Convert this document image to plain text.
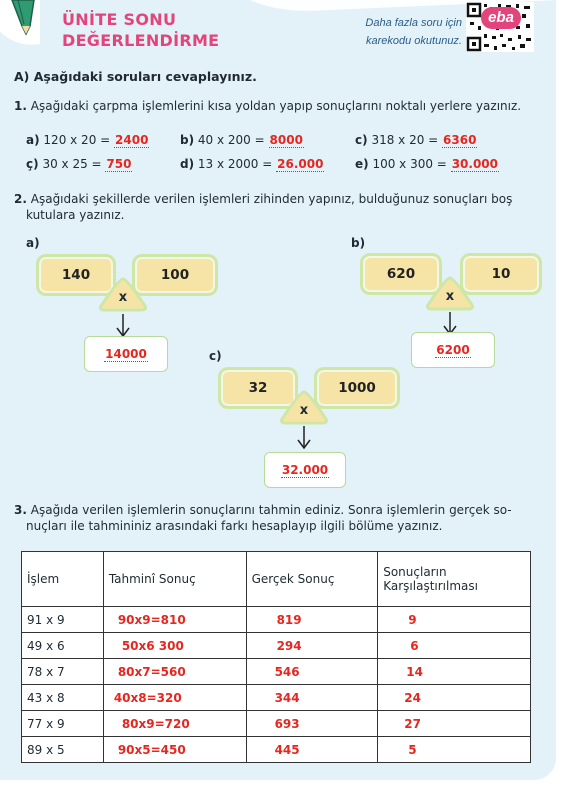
ÜNİTE SONU
DEĞERLENDİRME
Daha fazla soru için
karekodu okutunuz.
eba
A) Aşağıdaki soruları cevaplayınız.
1. Aşağıdaki çarpma işlemlerini kısa yoldan yapıp sonuçlarını noktalı yerlere yazınız.
a) 120 x 20 = 2400	b) 40 x 200 = 8000	c) 318 x 20 = 6360
ç) 30 x 25 = 750	d) 13 x 2000 = 26.000	e) 100 x 300 = 30.000
2. Aşağıdaki şekillerde verilen işlemleri zihinden yapınız, bulduğunuz sonuçları boş
kutulara yazınız.
a)
140	100
x
14000
b)
620	10
x
6200
c)
32	1000
x
32.000
3. Aşağıda verilen işlemlerin sonuçlarını tahmin ediniz. Sonra işlemlerin gerçek so-
nuçları ile tahmininiz arasındaki farkı hesaplayıp ilgili bölüme yazınız.
İşlem	Tahminî Sonuç	Gerçek Sonuç	Sonuçların Karşılaştırılması
91 x 9	90x9=810	819	9
49 x 6	50x6 300	294	6
78 x 7	80x7=560	546	14
43 x 8	40x8=320	344	24
77 x 9	80x9=720	693	27
89 x 5	90x5=450	445	5
